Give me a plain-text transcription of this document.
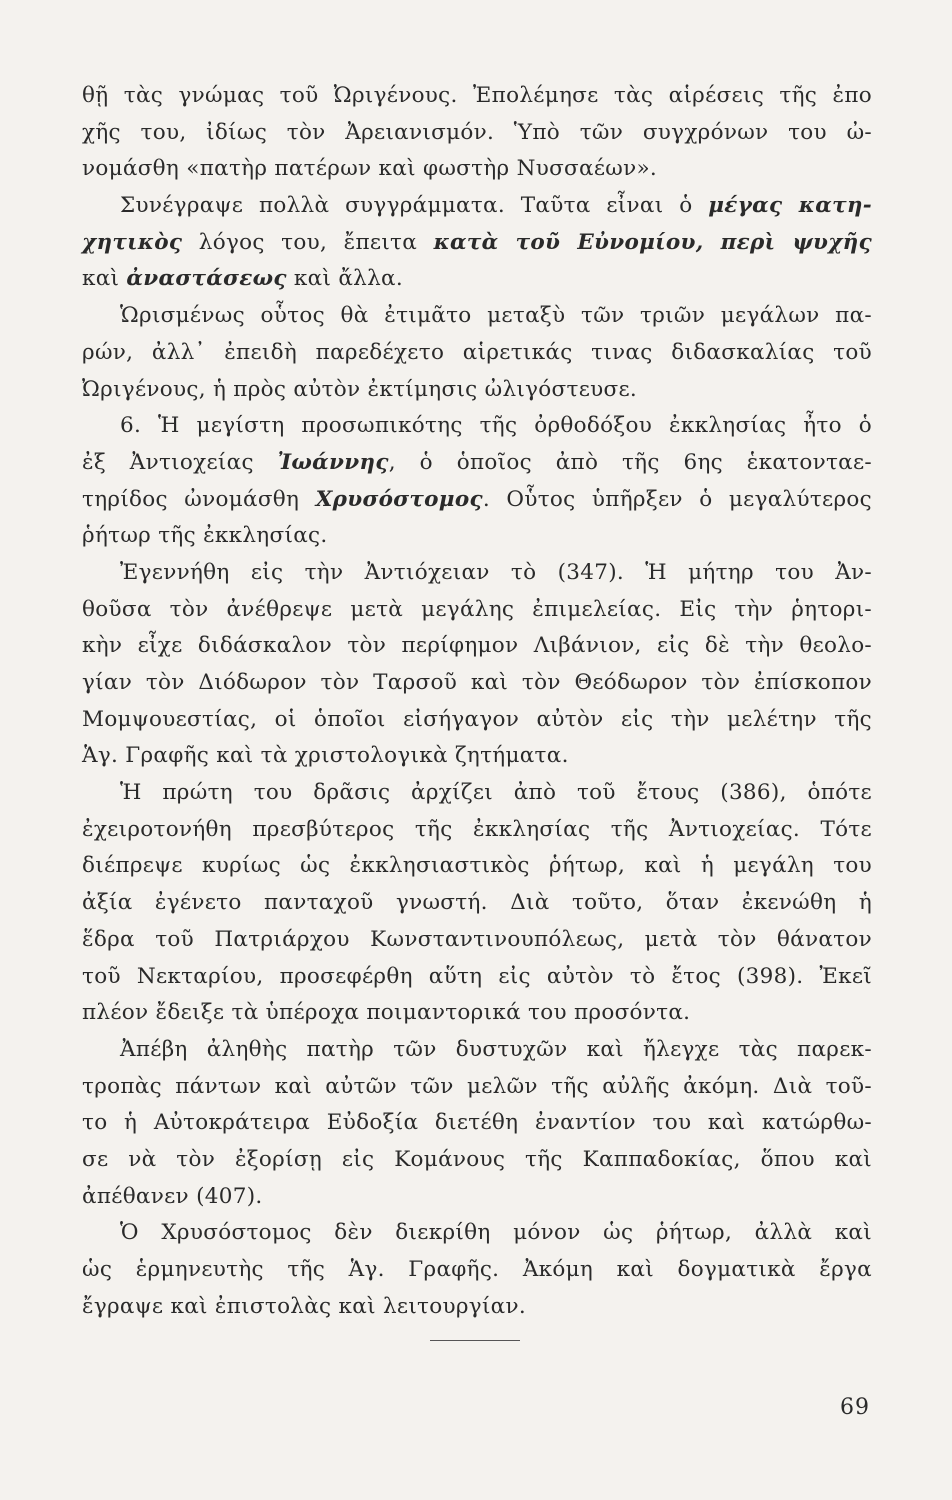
θῇ τὰς γνώμας τοῦ Ὠριγένους. Ἐπολέμησε τὰς αἱρέσεις τῆς ἐπο
χῆς του, ἰδίως τὸν Ἀρειανισμόν. Ὑπὸ τῶν συγχρόνων του ὠ-
νομάσθη «πατὴρ πατέρων καὶ φωστὴρ Νυσσαέων».
Συνέγραψε πολλὰ συγγράμματα. Ταῦτα εἶναι ὁ μέγας κατη-
χητικὸς λόγος του, ἔπειτα κατὰ τοῦ Εὐνομίου, περὶ ψυχῆς
καὶ ἀναστάσεως καὶ ἄλλα.
Ὡρισμένως οὗτος θὰ ἐτιμᾶτο μεταξὺ τῶν τριῶν μεγάλων πα-
ρών, ἀλλ᾽ ἐπειδὴ παρεδέχετο αἱρετικάς τινας διδασκαλίας τοῦ
Ὠριγένους, ἡ πρὸς αὐτὸν ἐκτίμησις ὠλιγόστευσε.
6. Ἡ μεγίστη προσωπικότης τῆς ὀρθοδόξου ἐκκλησίας ἦτο ὁ
ἐξ Ἀντιοχείας Ἰωάννης, ὁ ὁποῖος ἀπὸ τῆς 6ης ἑκατονταε-
τηρίδος ὠνομάσθη Χρυσόστομος. Οὗτος ὑπῆρξεν ὁ μεγαλύτερος
ῥήτωρ τῆς ἐκκλησίας.
Ἐγεννήθη εἰς τὴν Ἀντιόχειαν τὸ (347). Ἡ μήτηρ του Ἀν-
θοῦσα τὸν ἀνέθρεψε μετὰ μεγάλης ἐπιμελείας. Εἰς τὴν ῥητορι-
κὴν εἶχε διδάσκαλον τὸν περίφημον Λιβάνιον, εἰς δὲ τὴν θεολο-
γίαν τὸν Διόδωρον τὸν Ταρσοῦ καὶ τὸν Θεόδωρον τὸν ἐπίσκοπον
Μομψουεστίας, οἱ ὁποῖοι εἰσήγαγον αὐτὸν εἰς τὴν μελέτην τῆς
Ἁγ. Γραφῆς καὶ τὰ χριστολογικὰ ζητήματα.
Ἡ πρώτη του δρᾶσις ἀρχίζει ἀπὸ τοῦ ἔτους (386), ὁπότε
ἐχειροτονήθη πρεσβύτερος τῆς ἐκκλησίας τῆς Ἀντιοχείας. Τότε
διέπρεψε κυρίως ὡς ἐκκλησιαστικὸς ῥήτωρ, καὶ ἡ μεγάλη του
ἀξία ἐγένετο πανταχοῦ γνωστή. Διὰ τοῦτο, ὅταν ἐκενώθη ἡ
ἕδρα τοῦ Πατριάρχου Κωνσταντινουπόλεως, μετὰ τὸν θάνατον
τοῦ Νεκταρίου, προσεφέρθη αὕτη εἰς αὐτὸν τὸ ἔτος (398). Ἐκεῖ
πλέον ἔδειξε τὰ ὑπέροχα ποιμαντορικά του προσόντα.
Ἀπέβη ἀληθὴς πατὴρ τῶν δυστυχῶν καὶ ἤλεγχε τὰς παρεκ-
τροπὰς πάντων καὶ αὐτῶν τῶν μελῶν τῆς αὐλῆς ἀκόμη. Διὰ τοῦ-
το ἡ Αὐτοκράτειρα Εὐδοξία διετέθη ἐναντίον του καὶ κατώρθω-
σε νὰ τὸν ἐξορίσῃ εἰς Κομάνους τῆς Καππαδοκίας, ὅπου καὶ
ἀπέθανεν (407).
Ὁ Χρυσόστομος δὲν διεκρίθη μόνον ὡς ῥήτωρ, ἀλλὰ καὶ
ὡς ἑρμηνευτὴς τῆς Ἁγ. Γραφῆς. Ἀκόμη καὶ δογματικὰ ἔργα
ἔγραψε καὶ ἐπιστολὰς καὶ λειτουργίαν.
69
